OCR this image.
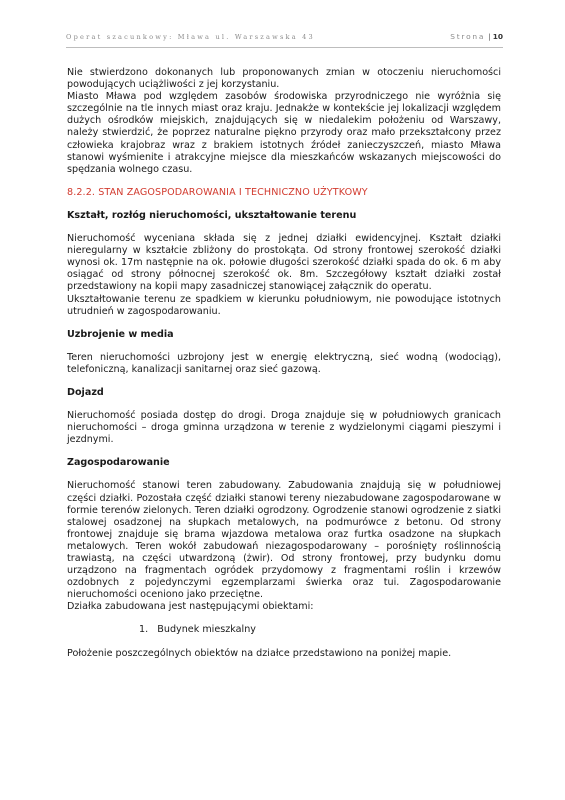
Operat szacunkowy: Mława ul. Warszawska 43	Strona | 10

Nie stwierdzono dokonanych lub proponowanych zmian w otoczeniu nieruchomości powodujących uciążliwości z jej korzystaniu.

Miasto Mława pod względem zasobów środowiska przyrodniczego nie wyróżnia się szczególnie na tle innych miast oraz kraju. Jednakże w kontekście jej lokalizacji względem dużych ośrodków miejskich, znajdujących się w niedalekim położeniu od Warszawy, należy stwierdzić, że poprzez naturalne piękno przyrody oraz mało przekształcony przez człowieka krajobraz wraz z brakiem istotnych źródeł zanieczyszczeń, miasto Mława stanowi wyśmienite i atrakcyjne miejsce dla mieszkańców wskazanych miejscowości do spędzania wolnego czasu.

8.2.2. STAN ZAGOSPODAROWANIA I TECHNICZNO UŻYTKOWY

Kształt, rozłóg nieruchomości, ukształtowanie terenu

Nieruchomość wyceniana składa się z jednej działki ewidencyjnej. Kształt działki nieregularny w kształcie zbliżony do prostokąta. Od strony frontowej szerokość działki wynosi ok. 17m następnie na ok. połowie długości szerokość działki spada do ok. 6 m aby osiągać od strony północnej szerokość ok. 8m. Szczegółowy kształt działki został przedstawiony na kopii mapy zasadniczej stanowiącej załącznik do operatu.

Ukształtowanie terenu ze spadkiem w kierunku południowym, nie powodujące istotnych utrudnień w zagospodarowaniu.

Uzbrojenie w media

Teren nieruchomości uzbrojony jest w energię elektryczną, sieć wodną (wodociąg), telefoniczną, kanalizacji sanitarnej oraz sieć gazową.

Dojazd

Nieruchomość posiada dostęp do drogi. Droga znajduje się w południowych granicach nieruchomości – droga gminna urządzona w terenie z wydzielonymi ciągami pieszymi i jezdnymi.

Zagospodarowanie

Nieruchomość stanowi teren zabudowany. Zabudowania znajdują się w południowej części działki. Pozostała część działki stanowi tereny niezabudowane zagospodarowane w formie terenów zielonych. Teren działki ogrodzony. Ogrodzenie stanowi ogrodzenie z siatki stalowej osadzonej na słupkach metalowych, na podmurówce z betonu. Od strony frontowej znajduje się brama wjazdowa metalowa oraz furtka osadzone na słupkach metalowych. Teren wokół zabudowań niezagospodarowany – porośnięty roślinnością trawiastą, na części utwardzoną (żwir). Od strony frontowej, przy budynku domu urządzono na fragmentach ogródek przydomowy z fragmentami roślin i krzewów ozdobnych z pojedynczymi egzemplarzami świerka oraz tui. Zagospodarowanie nieruchomości oceniono jako przeciętne.

Działka zabudowana jest następującymi obiektami:

1.   Budynek mieszkalny

Położenie poszczególnych obiektów na działce przedstawiono na poniżej mapie.
